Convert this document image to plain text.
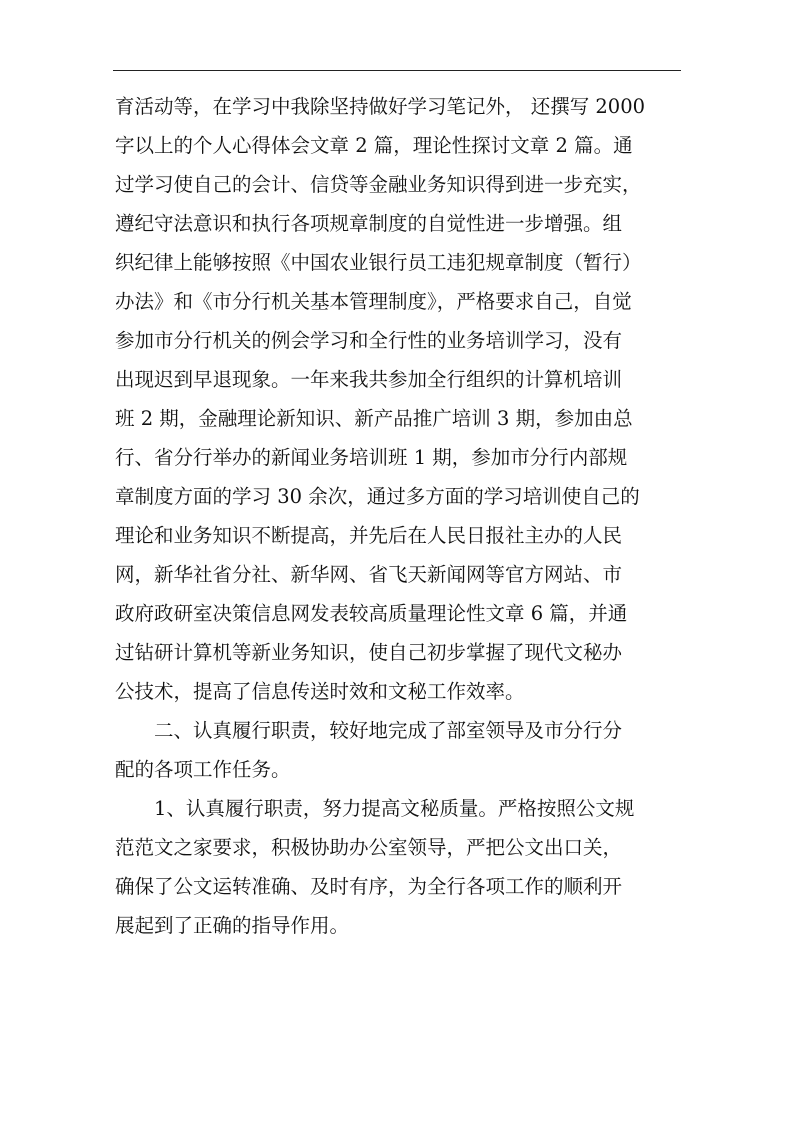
育活动等，在学习中我除坚持做好学习笔记外， 还撰写 2000
字以上的个人心得体会文章 2 篇，理论性探讨文章 2 篇。通
过学习使自己的会计、信贷等金融业务知识得到进一步充实，
遵纪守法意识和执行各项规章制度的自觉性进一步增强。组
织纪律上能够按照《中国农业银行员工违犯规章制度（暂行）
办法》和《市分行机关基本管理制度》，严格要求自己，自觉
参加市分行机关的例会学习和全行性的业务培训学习，没有
出现迟到早退现象。一年来我共参加全行组织的计算机培训
班 2 期，金融理论新知识、新产品推广培训 3 期，参加由总
行、省分行举办的新闻业务培训班 1 期，参加市分行内部规
章制度方面的学习 30 余次，通过多方面的学习培训使自己的
理论和业务知识不断提高，并先后在人民日报社主办的人民
网，新华社省分社、新华网、省飞天新闻网等官方网站、市
政府政研室决策信息网发表较高质量理论性文章 6 篇，并通
过钻研计算机等新业务知识，使自己初步掌握了现代文秘办
公技术，提高了信息传送时效和文秘工作效率。
　　二、认真履行职责，较好地完成了部室领导及市分行分
配的各项工作任务。
　　1、认真履行职责，努力提高文秘质量。严格按照公文规
范范文之家要求，积极协助办公室领导，严把公文出口关，
确保了公文运转准确、及时有序，为全行各项工作的顺利开
展起到了正确的指导作用。
